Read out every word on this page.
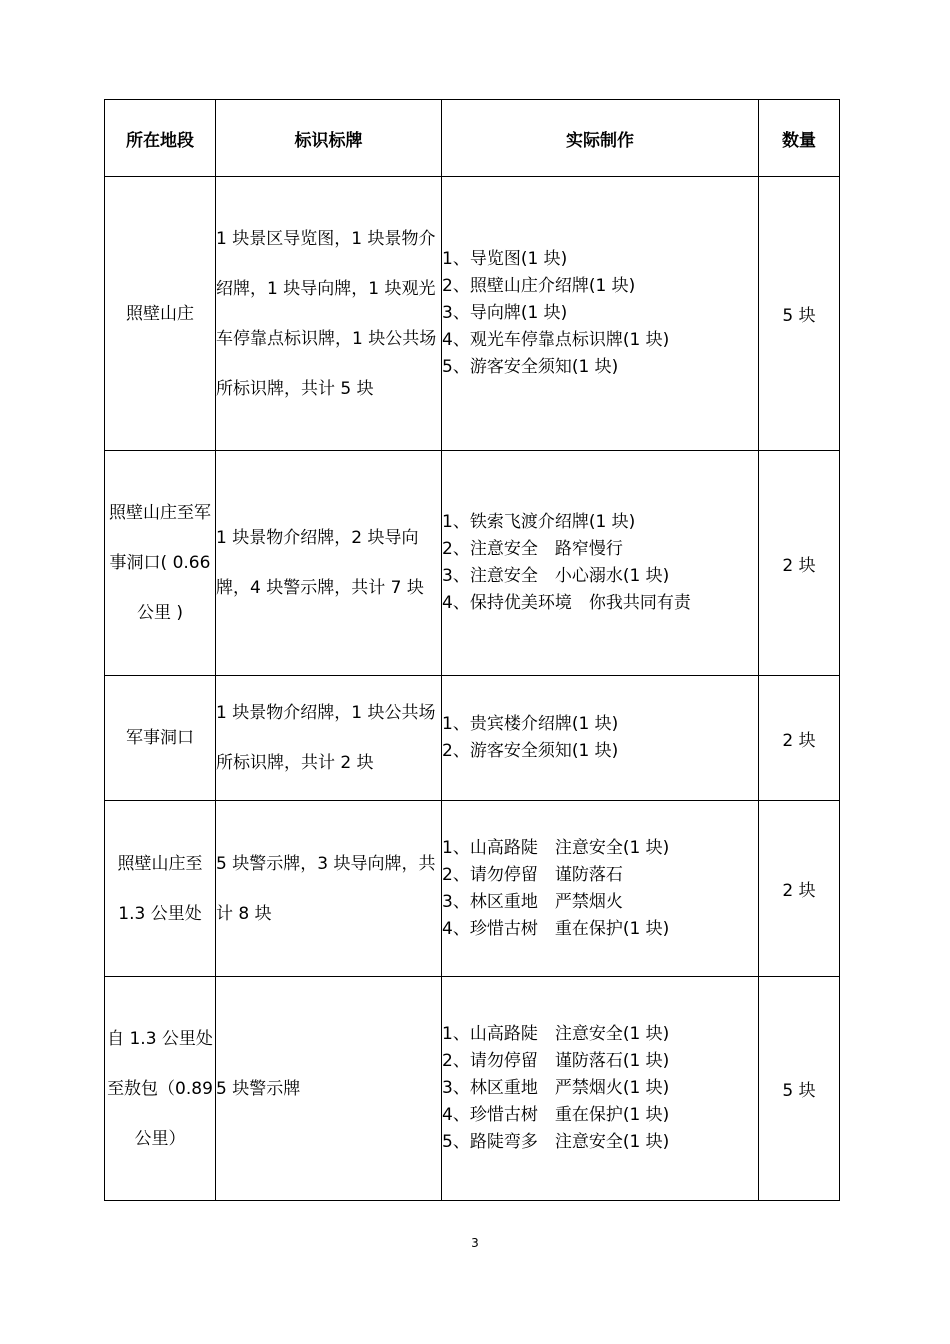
所在地段	标识标牌	实际制作	数量
照壁山庄	1 块景区导览图，1 块景物介绍牌，1 块导向牌，1 块观光车停靠点标识牌，1 块公共场所标识牌，共计 5 块	1、导览图(1 块)
2、照壁山庄介绍牌(1 块)
3、导向牌(1 块)
4、观光车停靠点标识牌(1 块)
5、游客安全须知(1 块)	5 块
照壁山庄至军事洞口( 0.66 公里 )	1 块景物介绍牌，2 块导向牌，4 块警示牌，共计 7 块	1、铁索飞渡介绍牌(1 块)
2、注意安全　路窄慢行
3、注意安全　小心溺水(1 块)
4、保持优美环境　你我共同有责	2 块
军事洞口	1 块景物介绍牌，1 块公共场所标识牌，共计 2 块	1、贵宾楼介绍牌(1 块)
2、游客安全须知(1 块)	2 块
照壁山庄至 1.3 公里处	5 块警示牌，3 块导向牌，共计 8 块	1、山高路陡　注意安全(1 块)
2、请勿停留　谨防落石
3、林区重地　严禁烟火
4、珍惜古树　重在保护(1 块)	2 块
自 1.3 公里处至敖包（0.89 公里）	5 块警示牌	1、山高路陡　注意安全(1 块)
2、请勿停留　谨防落石(1 块)
3、林区重地　严禁烟火(1 块)
4、珍惜古树　重在保护(1 块)
5、路陡弯多　注意安全(1 块)	5 块
3
